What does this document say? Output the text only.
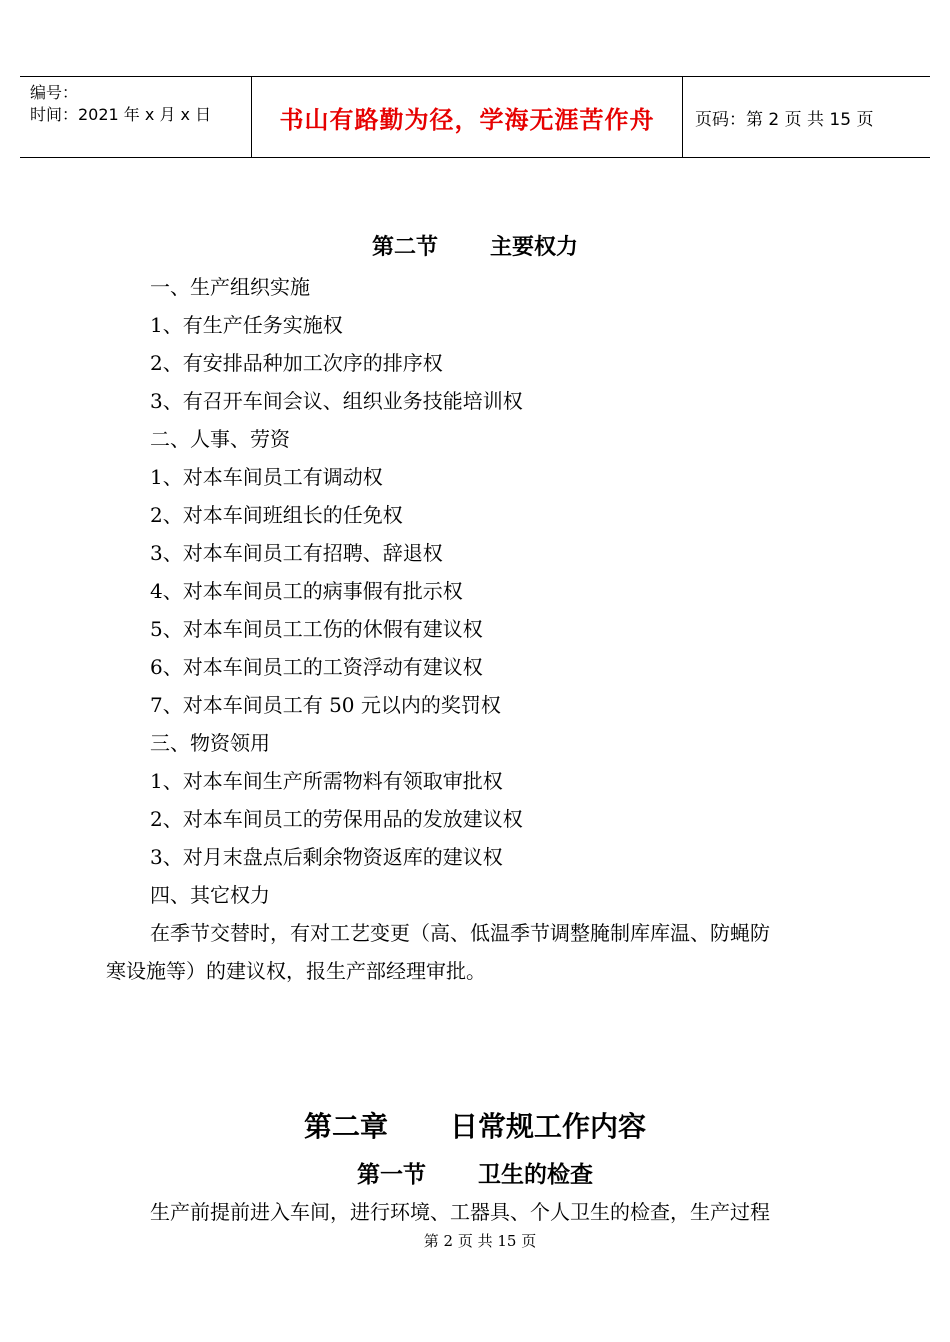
编号：
时间：2021 年 x 月 x 日	书山有路勤为径，学海无涯苦作舟	页码：第 2 页 共 15 页
第二节 主要权力
一、生产组织实施
1、有生产任务实施权
2、有安排品种加工次序的排序权
3、有召开车间会议、组织业务技能培训权
二、人事、劳资
1、对本车间员工有调动权
2、对本车间班组长的任免权
3、对本车间员工有招聘、辞退权
4、对本车间员工的病事假有批示权
5、对本车间员工工伤的休假有建议权
6、对本车间员工的工资浮动有建议权
7、对本车间员工有 50 元以内的奖罚权
三、物资领用
1、对本车间生产所需物料有领取审批权
2、对本车间员工的劳保用品的发放建议权
3、对月末盘点后剩余物资返库的建议权
四、其它权力
在季节交替时，有对工艺变更（高、低温季节调整腌制库库温、防蝇防
寒设施等）的建议权，报生产部经理审批。
第二章 日常规工作内容
第一节 卫生的检查
生产前提前进入车间，进行环境、工器具、个人卫生的检查，生产过程
第 2 页 共 15 页
